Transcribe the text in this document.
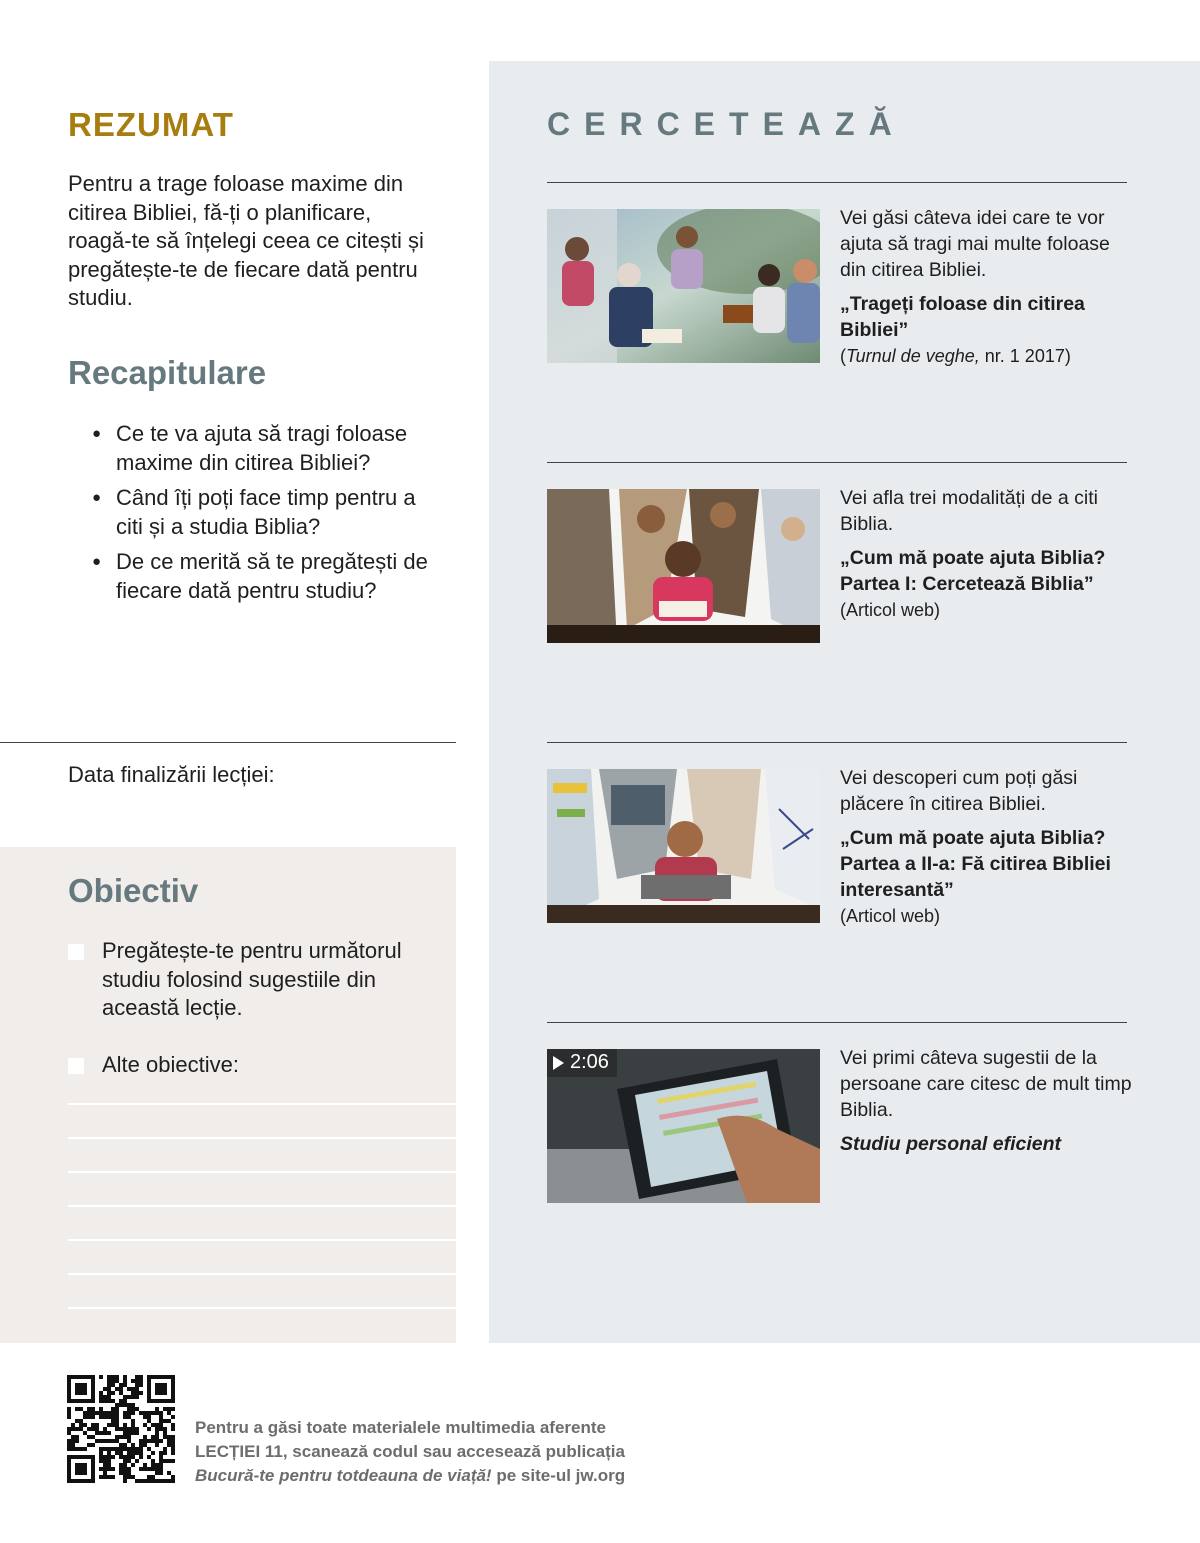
REZUMAT

Pentru a trage foloase maxime din citirea Bibliei, fă-ți o planificare, roagă-te să înțelegi ceea ce citești și pregătește-te de fiecare dată pentru studiu.

Recapitulare
● Ce te va ajuta să tragi foloase maxime din citirea Bibliei?
● Când îți poți face timp pentru a citi și a studia Biblia?
● De ce merită să te pregătești de fiecare dată pentru studiu?
Data finalizării lecției:
Obiectiv
Pregătește-te pentru următorul studiu folosind sugestiile din această lecție.
Alte obiective:
CERCETEAZĂ
Vei găsi câteva idei care te vor ajuta să tragi mai multe foloase din citirea Bibliei.
„Trageți foloase din citirea Bibliei”
(Turnul de veghe, nr. 1 2017)
Vei afla trei modalități de a citi Biblia.
„Cum mă poate ajuta Biblia? Partea I: Cercetează Biblia”
(Articol web)
Vei descoperi cum poți găsi plăcere în citirea Bibliei.
„Cum mă poate ajuta Biblia? Partea a II-a: Fă citirea Bibliei interesantă”
(Articol web)
2:06	Vei primi câteva sugestii de la persoane care citesc de mult timp Biblia.
Studiu personal eficient
Pentru a găsi toate materialele multimedia aferente
LECȚIEI 11, scanează codul sau accesează publicația
Bucură-te pentru totdeauna de viață! pe site-ul jw.org
